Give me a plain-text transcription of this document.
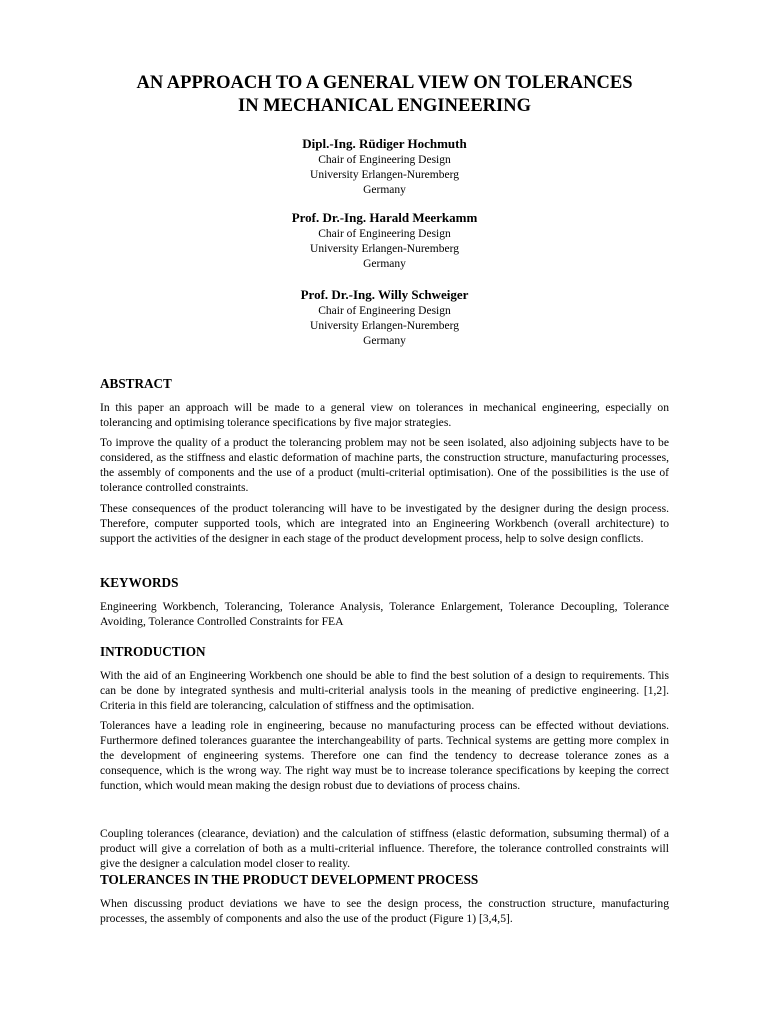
AN APPROACH TO A GENERAL VIEW ON TOLERANCES
IN MECHANICAL ENGINEERING
Dipl.-Ing. Rüdiger Hochmuth
Chair of Engineering Design
University Erlangen-Nuremberg
Germany
Prof. Dr.-Ing. Harald Meerkamm
Chair of Engineering Design
University Erlangen-Nuremberg
Germany
Prof. Dr.-Ing. Willy Schweiger
Chair of Engineering Design
University Erlangen-Nuremberg
Germany
ABSTRACT

In this paper an approach will be made to a general view on tolerances in mechanical engineering, especially on tolerancing and optimising tolerance specifications by five major strategies.

To improve the quality of a product the tolerancing problem may not be seen isolated, also adjoining subjects have to be considered, as the stiffness and elastic deformation of machine parts, the construction structure, manufacturing processes, the assembly of components and the use of a product (multi-criterial optimisation). One of the possibilities is the use of tolerance controlled constraints.

These consequences of the product tolerancing will have to be investigated by the designer during the design process. Therefore, computer supported tools, which are integrated into an Engineering Workbench (overall architecture) to support the activities of the designer in each stage of the product development process, help to solve design conflicts.

KEYWORDS

Engineering Workbench, Tolerancing, Tolerance Analysis, Tolerance Enlargement, Tolerance Decoupling, Tolerance Avoiding, Tolerance Controlled Constraints for FEA

INTRODUCTION

With the aid of an Engineering Workbench one should be able to find the best solution of a design to requirements. This can be done by integrated synthesis and multi-criterial analysis tools in the meaning of predictive engineering. [1,2]. Criteria in this field are tolerancing, calculation of stiffness and the optimisation.

Tolerances have a leading role in engineering, because no manufacturing process can be effected without deviations. Furthermore defined tolerances guarantee the interchangeability of parts. Technical systems are getting more complex in the development of engineering systems. Therefore one can find the tendency to decrease tolerance zones as a consequence, which is the wrong way. The right way must be to increase tolerance specifications by keeping the correct function, which would mean making the design robust due to deviations of process chains.

Coupling tolerances (clearance, deviation) and the calculation of stiffness (elastic deformation, subsuming thermal) of a product will give a correlation of both as a multi-criterial influence. Therefore, the tolerance controlled constraints will give the designer a calculation model closer to reality.

TOLERANCES IN THE PRODUCT DEVELOPMENT PROCESS

When discussing product deviations we have to see the design process, the construction structure, manufacturing processes, the assembly of components and also the use of the product (Figure 1) [3,4,5].
